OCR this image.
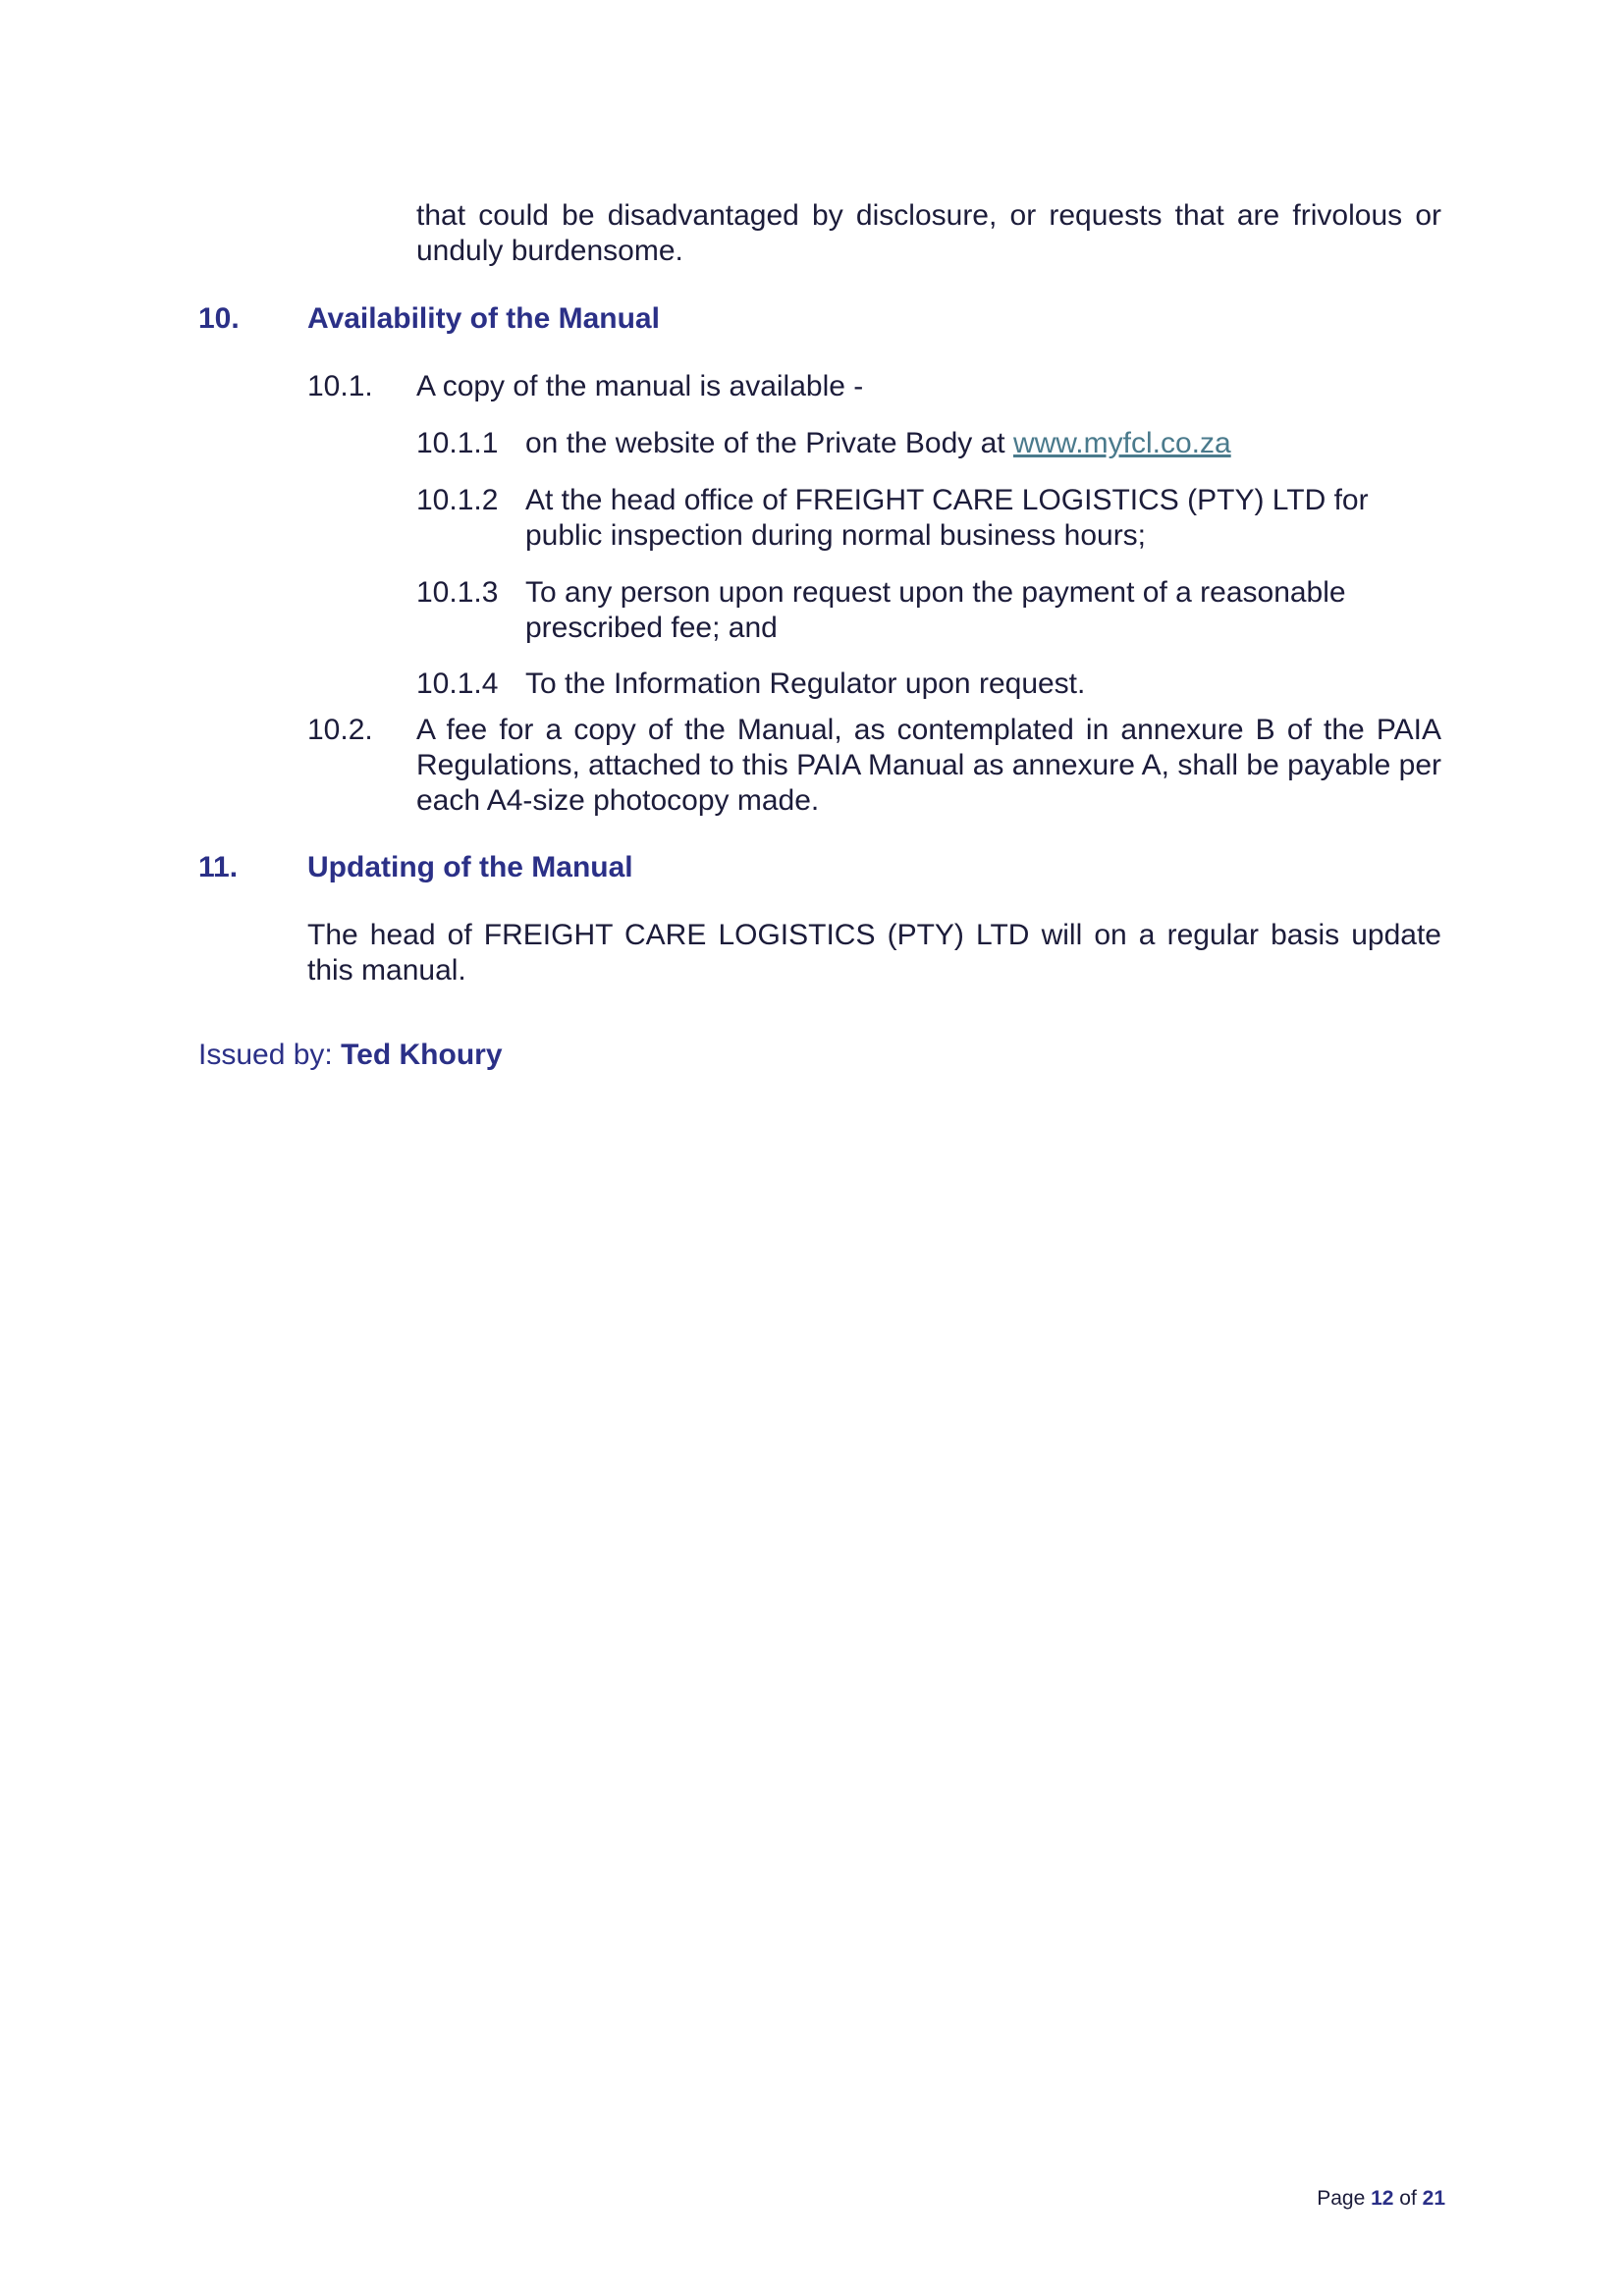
that could be disadvantaged by disclosure, or requests that are frivolous or unduly burdensome.
10. Availability of the Manual
10.1. A copy of the manual is available -
10.1.1 on the website of the Private Body at www.myfcl.co.za
10.1.2 At the head office of FREIGHT CARE LOGISTICS (PTY) LTD for public inspection during normal business hours;
10.1.3 To any person upon request upon the payment of a reasonable prescribed fee; and
10.1.4 To the Information Regulator upon request.
10.2. A fee for a copy of the Manual, as contemplated in annexure B of the PAIA Regulations, attached to this PAIA Manual as annexure A, shall be payable per each A4-size photocopy made.
11. Updating of the Manual
The head of FREIGHT CARE LOGISTICS (PTY) LTD will on a regular basis update this manual.
Issued by: Ted Khoury
Page 12 of 21
